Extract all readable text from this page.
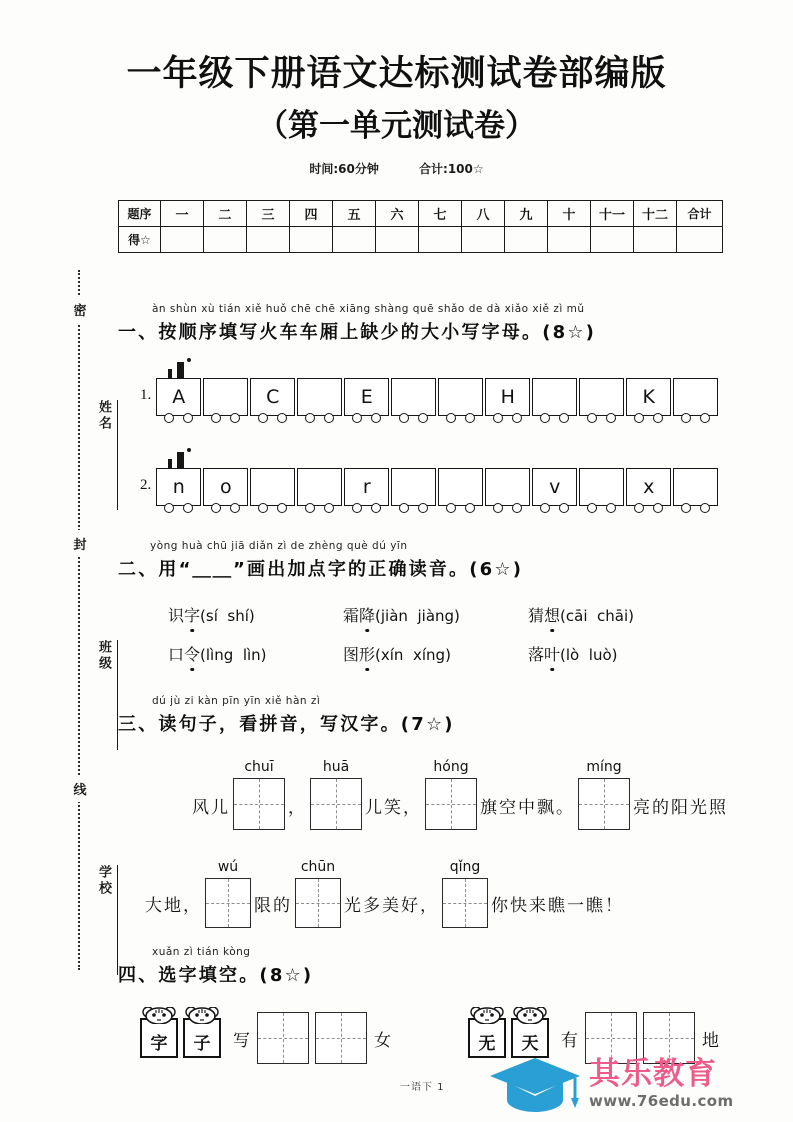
密
封
线
姓名
班级
学校
一年级下册语文达标测试卷部编版
（第一单元测试卷）
时间:60分钟	合计:100☆
题序	一	二	三	四	五	六	七	八	九	十	十一	十二	合计
得☆													
àn shùn xù tián xiě huǒ chē chē xiāng shàng quē shǎo de dà xiǎo xiě zì mǔ
一、按顺序填写火车车厢上缺少的大小写字母。(8☆)
1.	A	C	E	H	K
2.	n	o	r	v	x
yòng huà chū jiā diǎn zì de zhèng què dú yīn
二、用“＿＿”画出加点字的正确读音。(6☆)
识字(sí shí)	霜降(jiàn jiàng)	猜想(cāi chāi)
口令(lìng lìn)	图形(xín xíng)	落叶(lò luò)
dú jù zi kàn pīn yīn xiě hàn zì
三、读句子，看拼音，写汉字。(7☆)
风儿
chuī
，
huā
儿笑，
hóng
旗空中飘。
míng
亮的阳光照
大地，
wú
限的
chūn
光多美好，
qǐng
你快来瞧一瞧！
xuǎn zì tián kòng
四、选字填空。(8☆)
字	子	写	女	无	天	有	地
一语下 1	其乐教育
www.76edu.com
